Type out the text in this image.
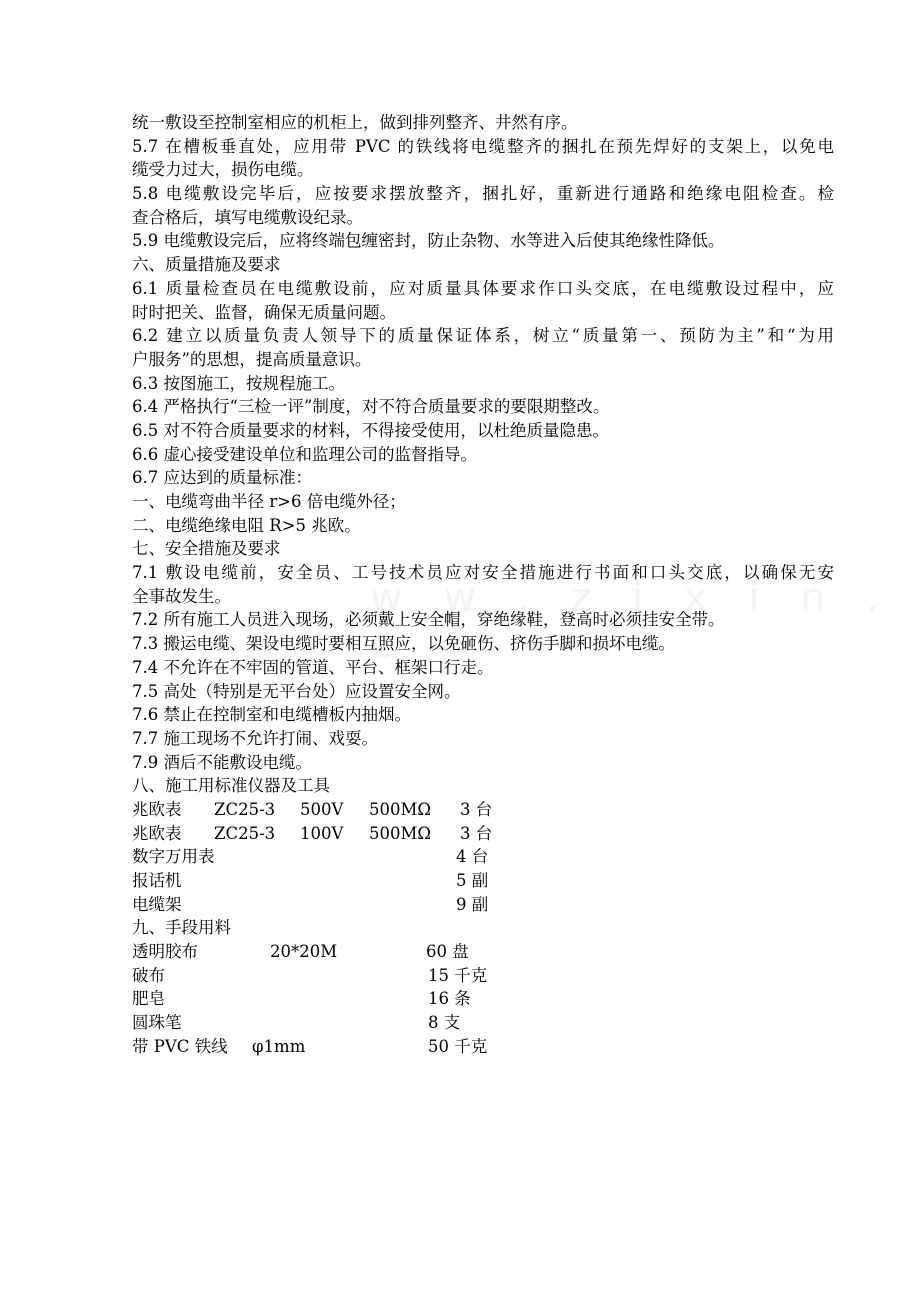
统一敷设至控制室相应的机柜上，做到排列整齐、井然有序。
5.7 在槽板垂直处，应用带 PVC 的铁线将电缆整齐的捆扎在预先焊好的支架上，以免电
缆受力过大，损伤电缆。
5.8 电缆敷设完毕后，应按要求摆放整齐，捆扎好，重新进行通路和绝缘电阻检查。检
查合格后，填写电缆敷设纪录。
5.9 电缆敷设完后，应将终端包缠密封，防止杂物、水等进入后使其绝缘性降低。
六、质量措施及要求
6.1 质量检查员在电缆敷设前，应对质量具体要求作口头交底，在电缆敷设过程中，应
时时把关、监督，确保无质量问题。
6.2 建立以质量负责人领导下的质量保证体系，树立“质量第一、预防为主”和“为用
户服务”的思想，提高质量意识。
6.3 按图施工，按规程施工。
6.4 严格执行“三检一评”制度，对不符合质量要求的要限期整改。
6.5 对不符合质量要求的材料，不得接受使用，以杜绝质量隐患。
6.6 虚心接受建设单位和监理公司的监督指导。
6.7 应达到的质量标准：
一、电缆弯曲半径 r>6 倍电缆外径；
二、电缆绝缘电阻 R>5 兆欧。
七、安全措施及要求
7.1 敷设电缆前，安全员、工号技术员应对安全措施进行书面和口头交底，以确保无安
全事故发生。
7.2 所有施工人员进入现场，必须戴上安全帽，穿绝缘鞋，登高时必须挂安全带。
7.3 搬运电缆、架设电缆时要相互照应，以免砸伤、挤伤手脚和损坏电缆。
7.4 不允许在不牢固的管道、平台、框架口行走。
7.5 高处（特别是无平台处）应设置安全网。
7.6 禁止在控制室和电缆槽板内抽烟。
7.7 施工现场不允许打闹、戏耍。
7.9 酒后不能敷设电缆。
八、施工用标准仪器及工具
兆欧表 ZC25-3 500V 500MΩ 3 台
兆欧表 ZC25-3 100V 500MΩ 3 台
数字万用表	4 台
报话机	5 副
电缆架	9 副
九、手段用料
透明胶布	20*20M	60 盘
破布	15 千克
肥皂	16 条
圆珠笔	8 支
带 PVC 铁线 φ1mm	50 千克
